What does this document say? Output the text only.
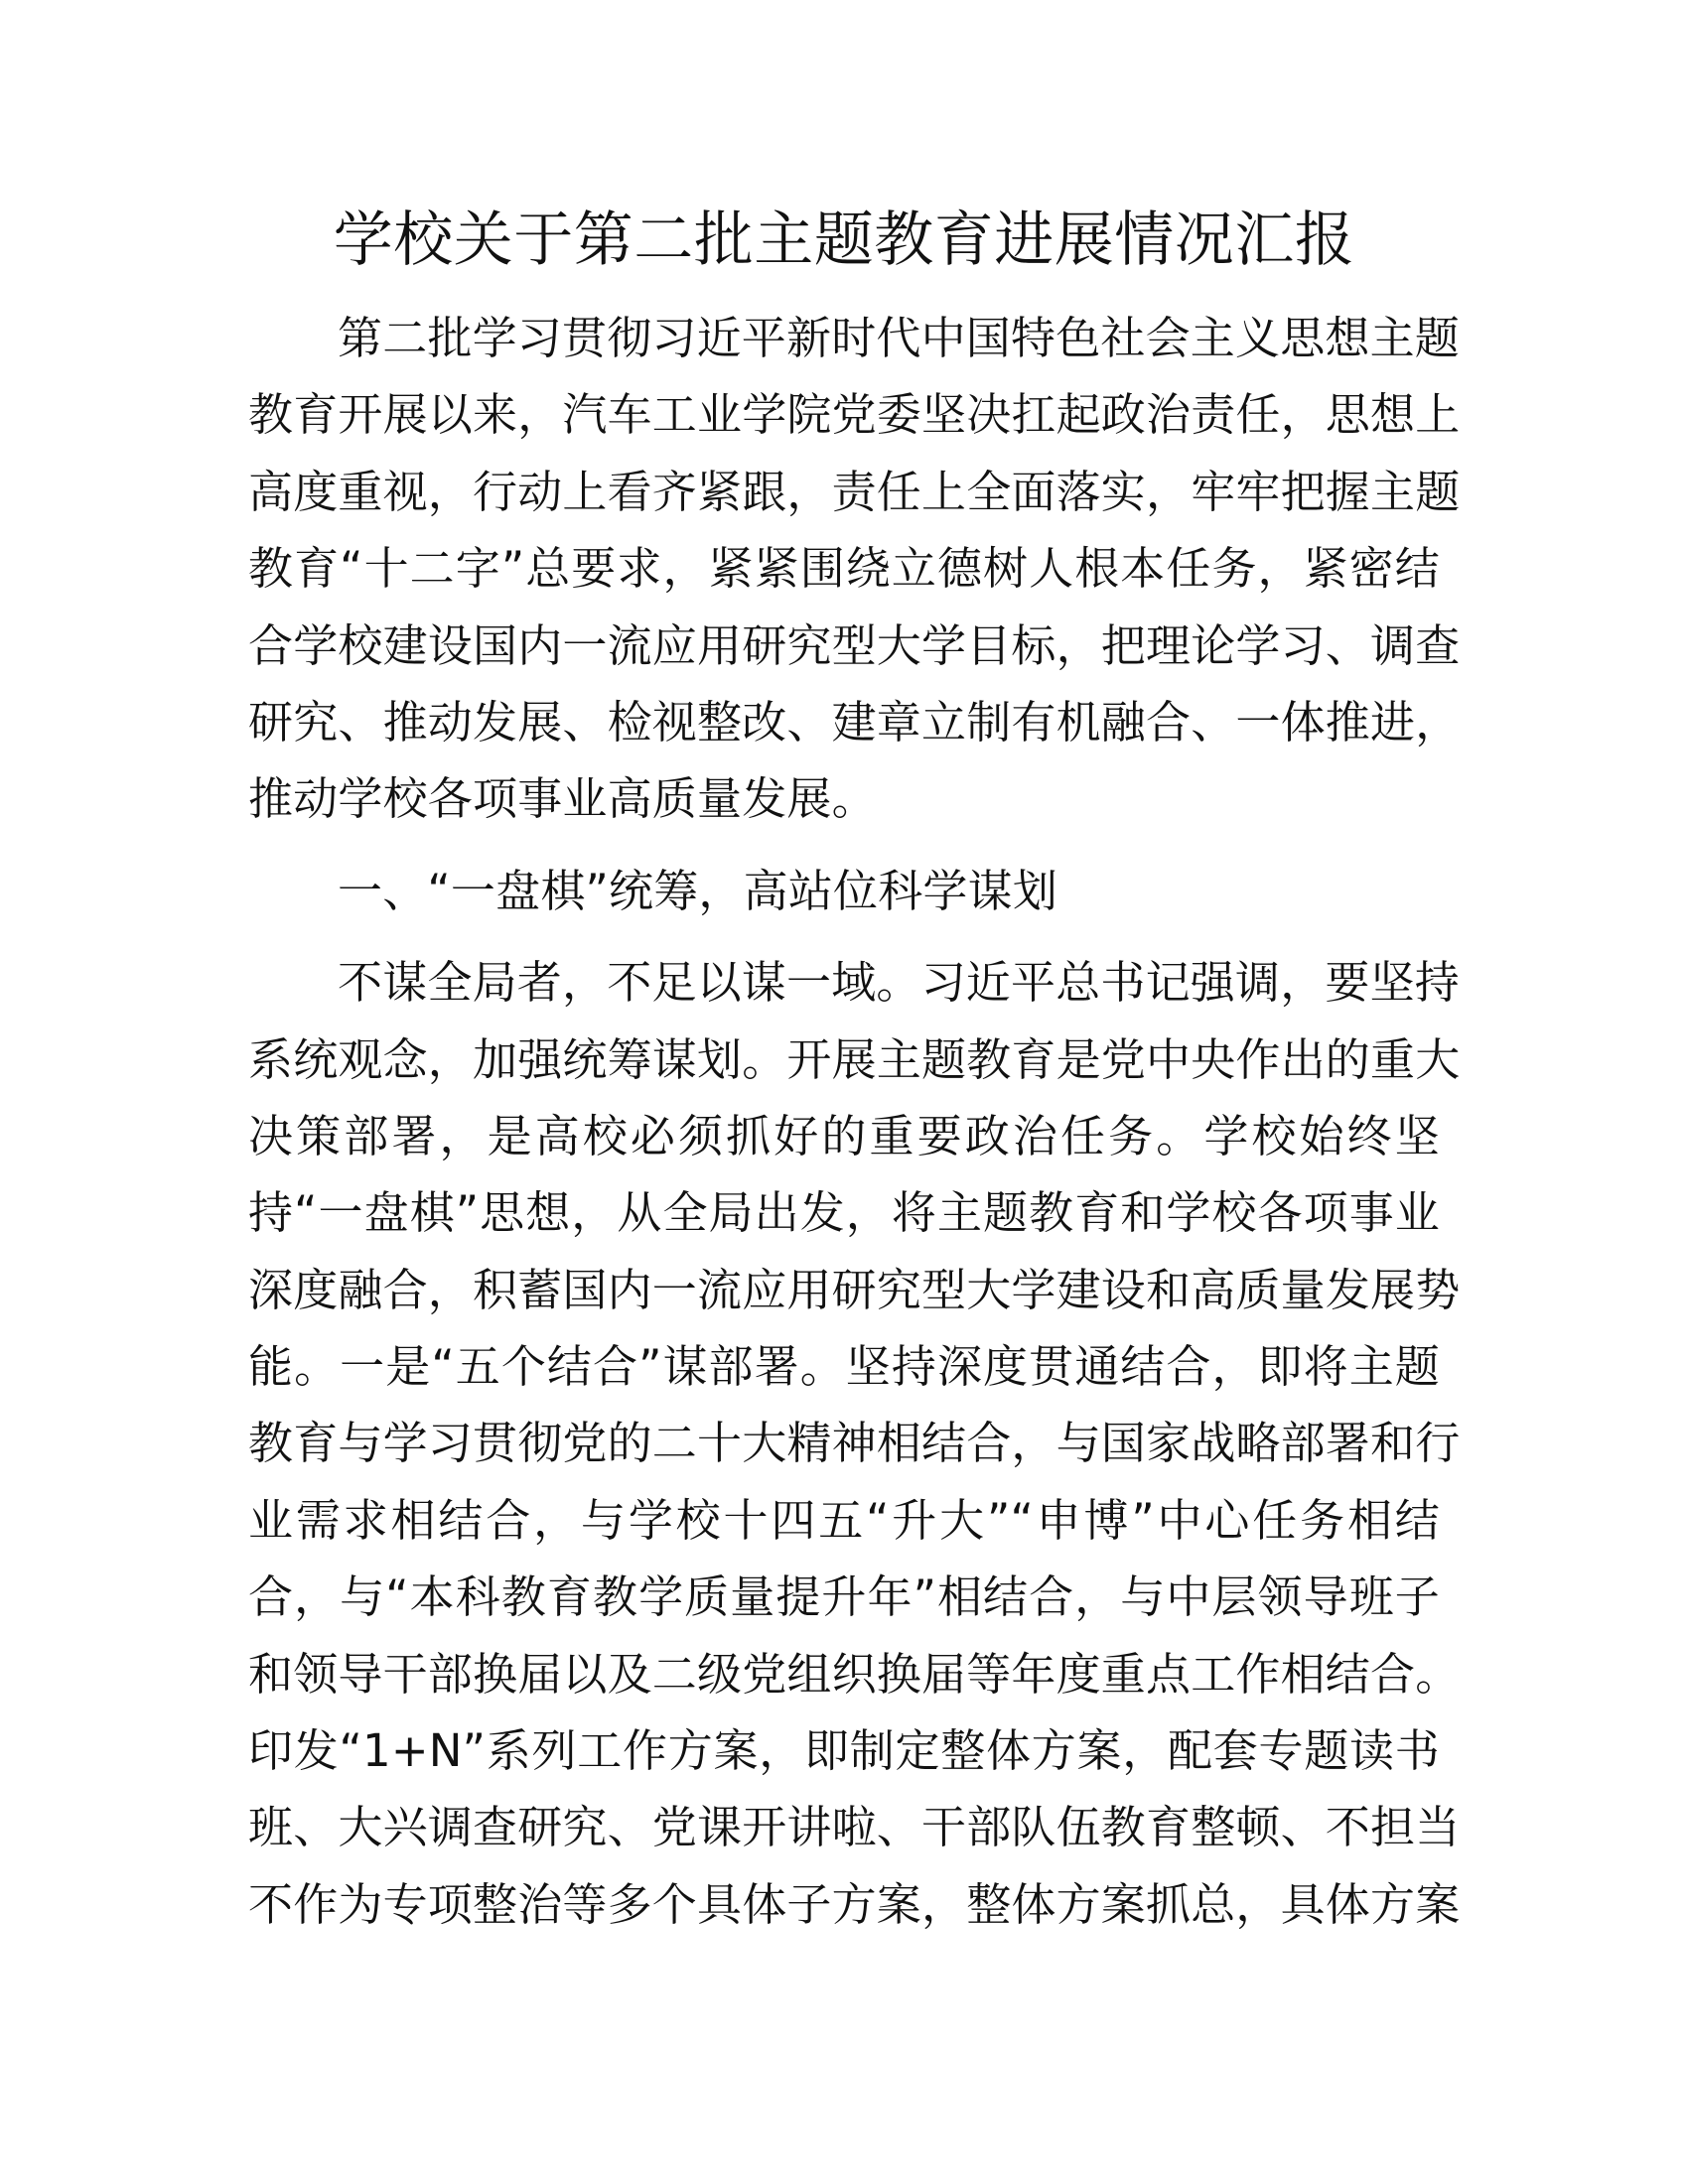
学校关于第二批主题教育进展情况汇报
第二批学习贯彻习近平新时代中国特色社会主义思想主题
教育开展以来，汽车工业学院党委坚决扛起政治责任，思想上
高度重视，行动上看齐紧跟，责任上全面落实，牢牢把握主题
教育“十二字”总要求，紧紧围绕立德树人根本任务，紧密结
合学校建设国内一流应用研究型大学目标，把理论学习、调查
研究、推动发展、检视整改、建章立制有机融合、一体推进，
推动学校各项事业高质量发展。
一、“一盘棋”统筹，高站位科学谋划
不谋全局者，不足以谋一域。习近平总书记强调，要坚持
系统观念，加强统筹谋划。开展主题教育是党中央作出的重大
决策部署，是高校必须抓好的重要政治任务。学校始终坚
持“一盘棋”思想，从全局出发，将主题教育和学校各项事业
深度融合，积蓄国内一流应用研究型大学建设和高质量发展势
能。一是“五个结合”谋部署。坚持深度贯通结合，即将主题
教育与学习贯彻党的二十大精神相结合，与国家战略部署和行
业需求相结合，与学校十四五“升大”“申博”中心任务相结
合，与“本科教育教学质量提升年”相结合，与中层领导班子
和领导干部换届以及二级党组织换届等年度重点工作相结合。
印发“1+N”系列工作方案，即制定整体方案，配套专题读书
班、大兴调查研究、党课开讲啦、干部队伍教育整顿、不担当
不作为专项整治等多个具体子方案，整体方案抓总，具体方案
